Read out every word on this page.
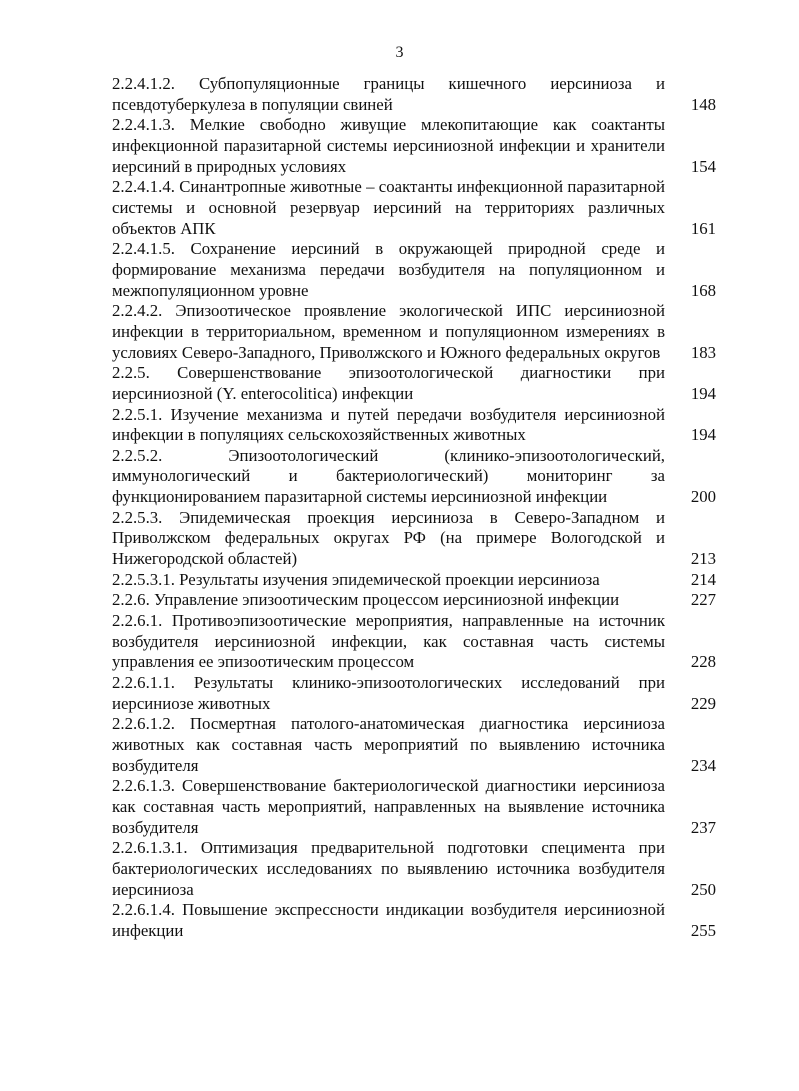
3
2.2.4.1.2. Субпопуляционные границы кишечного иерсиниоза и псевдотуберкулеза в популяции свиней	148
2.2.4.1.3. Мелкие свободно живущие млекопитающие как соактанты инфекционной паразитарной системы иерсиниозной инфекции и хранители иерсиний в природных условиях	154
2.2.4.1.4. Синантропные животные – соактанты инфекционной паразитарной системы и основной резервуар иерсиний на территориях различных объектов АПК	161
2.2.4.1.5. Сохранение иерсиний в окружающей природной среде и формирование механизма передачи возбудителя на популяционном и межпопуляционном уровне	168
2.2.4.2. Эпизоотическое проявление экологической ИПС иерсиниозной инфекции в территориальном, временном и популяционном измерениях в условиях Северо-Западного, Приволжского и Южного федеральных округов	183
2.2.5. Совершенствование эпизоотологической диагностики при иерсиниозной (Y. enterocolitica) инфекции	194
2.2.5.1. Изучение механизма и путей передачи возбудителя иерсиниозной инфекции в популяциях сельскохозяйственных животных	194
2.2.5.2. Эпизоотологический (клинико-эпизоотологический, иммунологический и бактериологический) мониторинг за функционированием паразитарной системы иерсиниозной инфекции	200
2.2.5.3. Эпидемическая проекция иерсиниоза в Северо-Западном и Приволжском федеральных округах РФ (на примере Вологодской и Нижегородской областей)	213
2.2.5.3.1. Результаты изучения эпидемической проекции иерсиниоза	214
2.2.6. Управление эпизоотическим процессом иерсиниозной инфекции	227
2.2.6.1. Противоэпизоотические мероприятия, направленные на источник возбудителя иерсиниозной инфекции, как составная часть системы управления ее эпизоотическим процессом	228
2.2.6.1.1. Результаты клинико-эпизоотологических исследований при иерсиниозе животных	229
2.2.6.1.2. Посмертная патолого-анатомическая диагностика иерсиниоза животных как составная часть мероприятий по выявлению источника возбудителя	234
2.2.6.1.3. Совершенствование бактериологической диагностики иерсиниоза как составная часть мероприятий, направленных на выявление источника возбудителя	237
2.2.6.1.3.1. Оптимизация предварительной подготовки специмента при бактериологических исследованиях по выявлению источника возбудителя иерсиниоза	250
2.2.6.1.4. Повышение экспрессности индикации возбудителя иерсиниозной инфекции	255
